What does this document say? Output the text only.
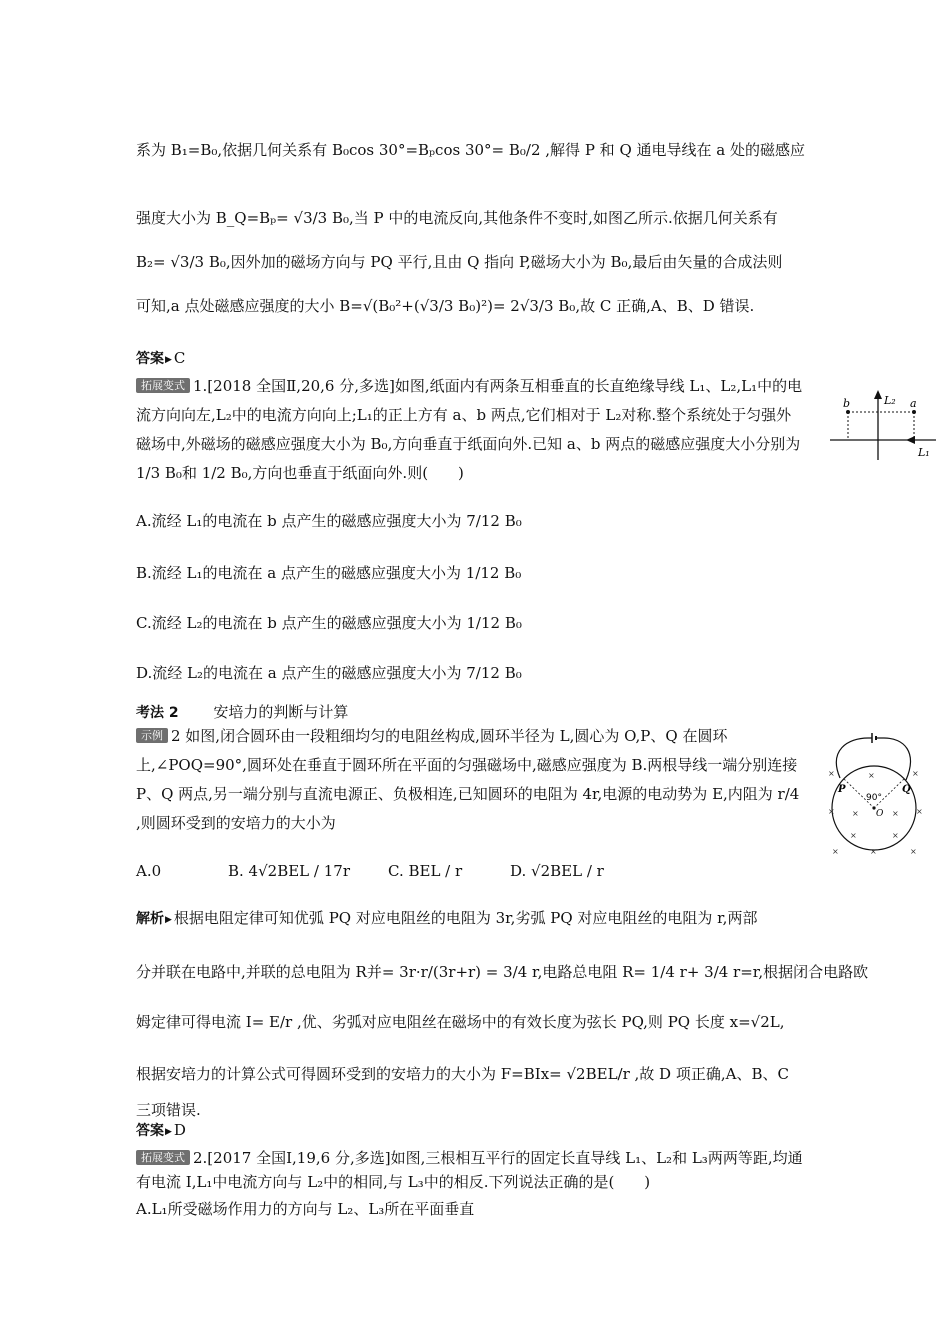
系为 B₁=B₀,依据几何关系有 B₀cos 30°=Bₚcos 30°= B₀/2 ,解得 P 和 Q 通电导线在 a 处的磁感应
强度大小为 B_Q=Bₚ= √3/3 B₀,当 P 中的电流反向,其他条件不变时,如图乙所示.依据几何关系有
B₂= √3/3 B₀,因外加的磁场方向与 PQ 平行,且由 Q 指向 P,磁场大小为 B₀,最后由矢量的合成法则
可知,a 点处磁感应强度的大小 B=√(B₀²+(√3/3 B₀)²)= 2√3/3 B₀,故 C 正确,A、B、D 错误.
答案▶ C
拓展变式 1.[2018 全国Ⅱ,20,6 分,多选]如图,纸面内有两条互相垂直的长直绝缘导线 L₁、L₂,L₁中的电流方向向左,L₂中的电流方向向上;L₁的正上方有 a、b 两点,它们相对于 L₂对称.整个系统处于匀强外磁场中,外磁场的磁感应强度大小为 B₀,方向垂直于纸面向外.已知 a、b 两点的磁感应强度大小分别为 1/3 B₀和 1/2 B₀,方向也垂直于纸面向外.则(　　)
b	a
L₂
L₁
A.流经 L₁的电流在 b 点产生的磁感应强度大小为 7/12 B₀
B.流经 L₁的电流在 a 点产生的磁感应强度大小为 1/12 B₀
C.流经 L₂的电流在 b 点产生的磁感应强度大小为 1/12 B₀
D.流经 L₂的电流在 a 点产生的磁感应强度大小为 7/12 B₀
考法 2 安培力的判断与计算
示例 2 如图,闭合圆环由一段粗细均匀的电阻丝构成,圆环半径为 L,圆心为 O,P、Q 在圆环上,∠POQ=90°,圆环处在垂直于圆环所在平面的匀强磁场中,磁感应强度为 B.两根导线一端分别连接 P、Q 两点,另一端分别与直流电源正、负极相连,已知圆环的电阻为 4r,电源的电动势为 E,内阻为 r/4 ,则圆环受到的安培力的大小为
P	Q
90°
O
×	×	×
× ×	× ×
×	×
×	×	×
A.0	B. 4√2BEL / 17r	C. BEL / r	D. √2BEL / r
解析▶ 根据电阻定律可知优弧 PQ 对应电阻丝的电阻为 3r,劣弧 PQ 对应电阻丝的电阻为 r,两部
分并联在电路中,并联的总电阻为 R并= 3r·r/(3r+r) = 3/4 r,电路总电阻 R= 1/4 r+ 3/4 r=r,根据闭合电路欧
姆定律可得电流 I= E/r ,优、劣弧对应电阻丝在磁场中的有效长度为弦长 PQ,则 PQ 长度 x=√2L,
根据安培力的计算公式可得圆环受到的安培力的大小为 F=BIx= √2BEL/r ,故 D 项正确,A、B、C
三项错误.
答案▶ D
拓展变式 2.[2017 全国Ⅰ,19,6 分,多选]如图,三根相互平行的固定长直导线 L₁、L₂和 L₃两两等距,均通有电流 I,L₁中电流方向与 L₂中的相同,与 L₃中的相反.下列说法正确的是(　　)
A.L₁所受磁场作用力的方向与 L₂、L₃所在平面垂直
